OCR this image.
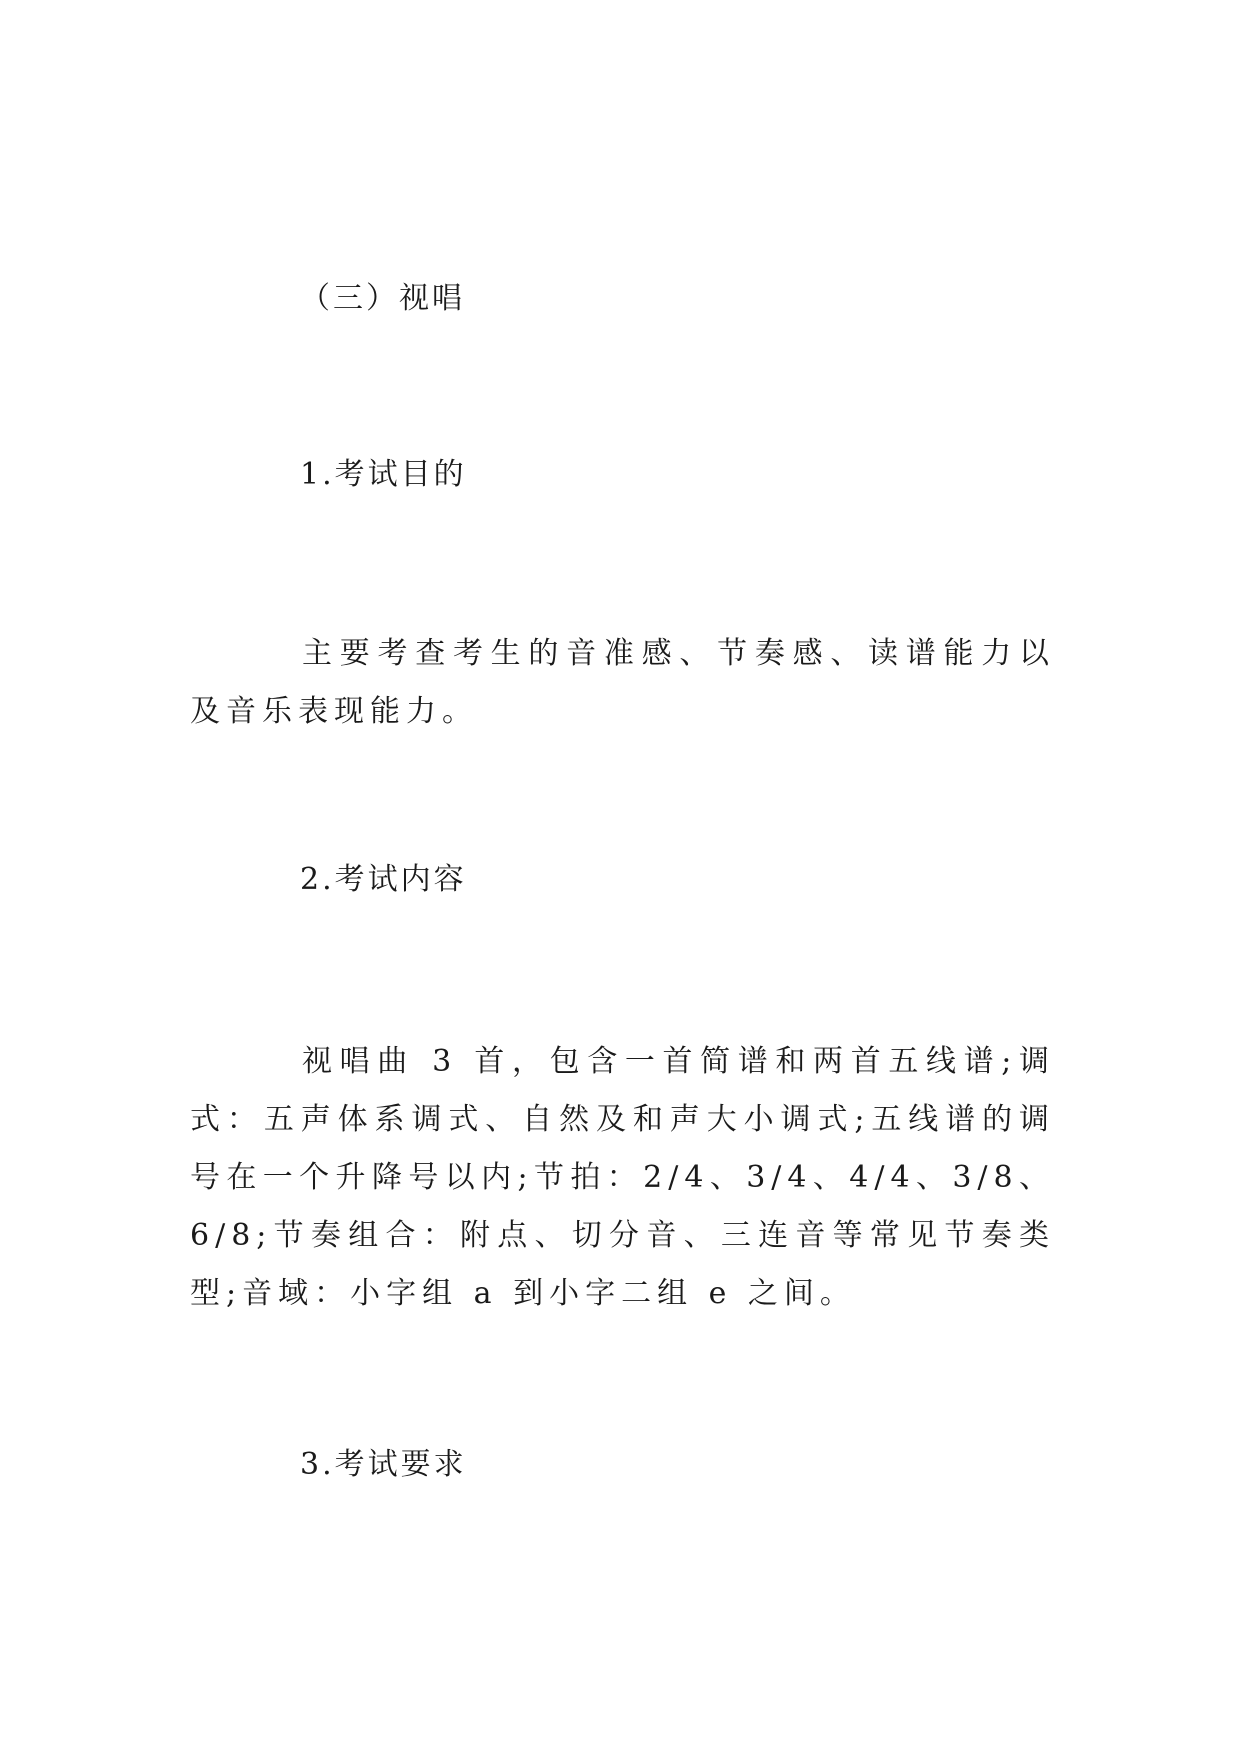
（三）视唱
1.考试目的
主要考查考生的音准感、节奏感、读谱能力以及音乐表现能力。
2.考试内容
视唱曲 3 首，包含一首简谱和两首五线谱;调式：五声体系调式、自然及和声大小调式;五线谱的调号在一个升降号以内;节拍：2/4、3/4、4/4、3/8、6/8;节奏组合：附点、切分音、三连音等常见节奏类型;音域：小字组 a 到小字二组 e 之间。
3.考试要求
